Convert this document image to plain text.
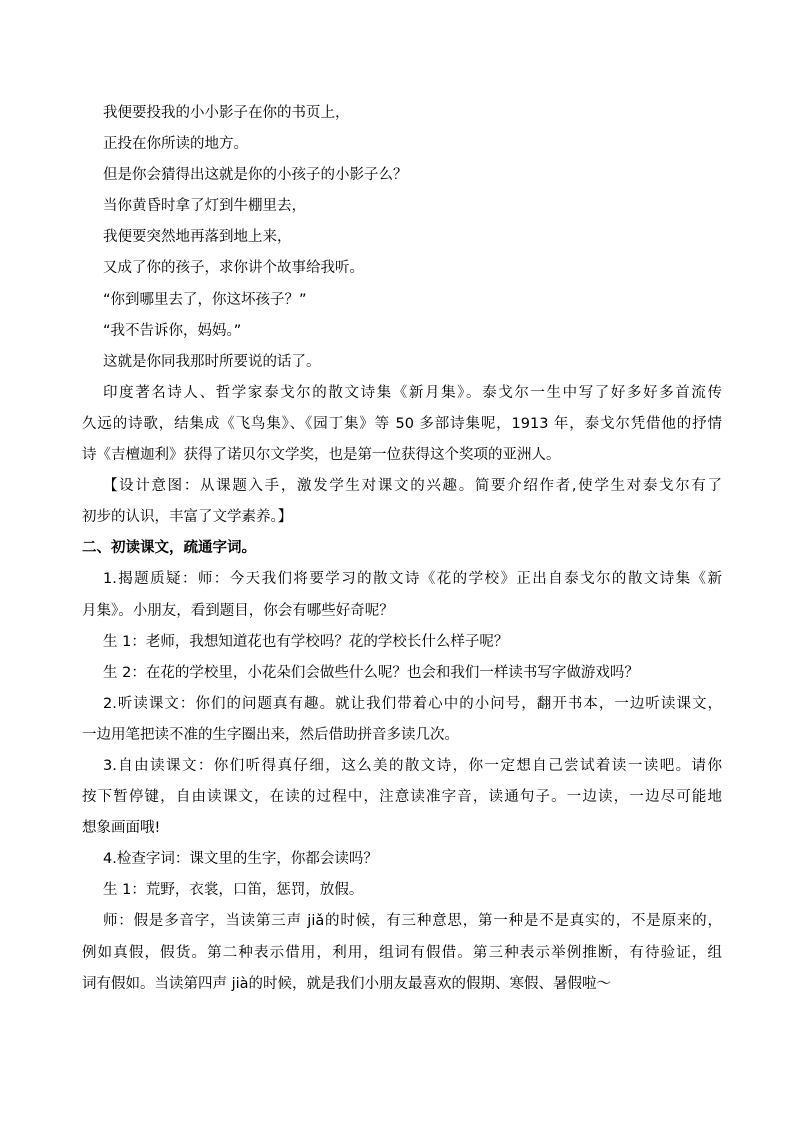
我便要投我的小小影子在你的书页上，
正投在你所读的地方。
但是你会猜得出这就是你的小孩子的小影子么？
当你黄昏时拿了灯到牛棚里去，
我便要突然地再落到地上来，
又成了你的孩子，求你讲个故事给我听。
“你到哪里去了，你这坏孩子？”
“我不告诉你，妈妈。”
这就是你同我那时所要说的话了。
印度著名诗人、哲学家泰戈尔的散文诗集《新月集》。泰戈尔一生中写了好多好多首流传
久远的诗歌，结集成《飞鸟集》、《园丁集》等 50 多部诗集呢，1913 年，泰戈尔凭借他的抒情
诗《吉檀迦利》获得了诺贝尔文学奖，也是第一位获得这个奖项的亚洲人。
【设计意图：从课题入手，激发学生对课文的兴趣。简要介绍作者,使学生对泰戈尔有了
初步的认识，丰富了文学素养。】
二、初读课文，疏通字词。
1.揭题质疑：师：今天我们将要学习的散文诗《花的学校》正出自泰戈尔的散文诗集《新
月集》。小朋友，看到题目，你会有哪些好奇呢？
生 1：老师，我想知道花也有学校吗？花的学校长什么样子呢？
生 2：在花的学校里，小花朵们会做些什么呢？也会和我们一样读书写字做游戏吗？
2.听读课文：你们的问题真有趣。就让我们带着心中的小问号，翻开书本，一边听读课文，
一边用笔把读不准的生字圈出来，然后借助拼音多读几次。
3.自由读课文：你们听得真仔细，这么美的散文诗，你一定想自己尝试着读一读吧。请你
按下暂停键，自由读课文，在读的过程中，注意读准字音，读通句子。一边读，一边尽可能地
想象画面哦!
4.检查字词：课文里的生字，你都会读吗？
生 1：荒野，衣裳，口笛，惩罚，放假。
师：假是多音字，当读第三声 jiǎ的时候，有三种意思，第一种是不是真实的，不是原来的，
例如真假，假货。第二种表示借用，利用，组词有假借。第三种表示举例推断，有待验证，组
词有假如。当读第四声 jià的时候，就是我们小朋友最喜欢的假期、寒假、暑假啦～
